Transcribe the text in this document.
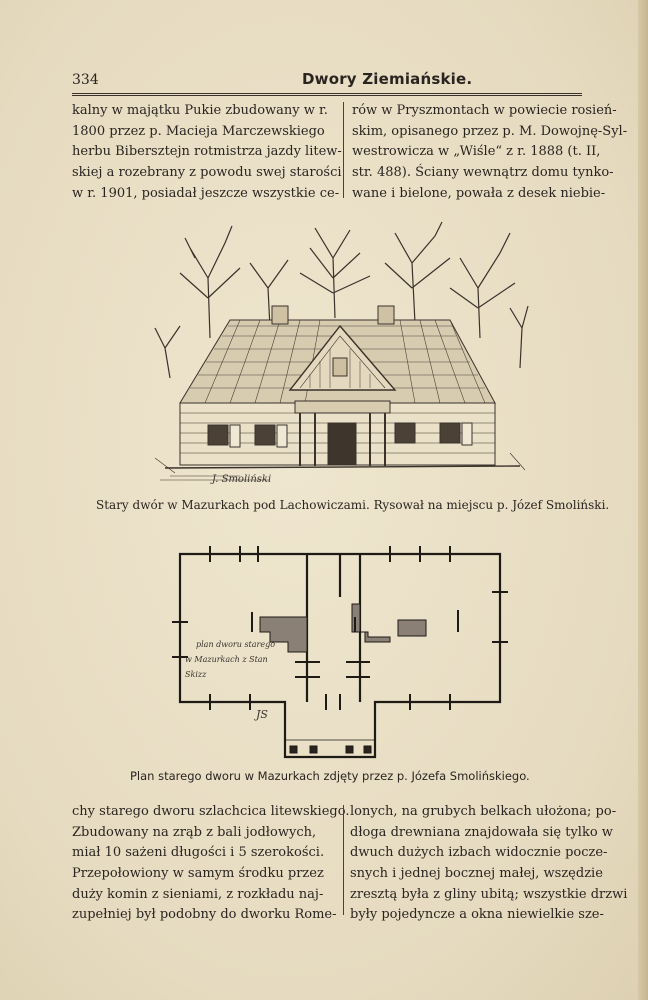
334	Dwory Ziemiańskie.
kalny w majątku Pukie zbudowany w r.
1800 przez p. Macieja Marczewskiego
herbu Bibersztejn rotmistrza jazdy litew-
skiej a rozebrany z powodu swej starości
w r. 1901, posiadał jeszcze wszystkie ce-
rów w Pryszmontach w powiecie rosień-
skim, opisanego przez p. M. Dowojnę-Syl-
westrowicza w „Wiśle“ z r. 1888 (t. II,
str. 488). Ściany wewnątrz domu tynko-
wane i bielone, powała z desek niebie-
J. Smoliński
Stary dwór w Mazurkach pod Lachowiczami. Rysował na miejscu p. Józef Smoliński.
plan dworu starego
w Mazurkach z Stan
Skizz
JS
Plan starego dworu w Mazurkach zdjęty przez p. Józefa Smolińskiego.
chy starego dworu szlachcica litewskiego.
Zbudowany na zrąb z bali jodłowych,
miał 10 sażeni długości i 5 szerokości.
Przepołowiony w samym środku przez
duży komin z sieniami, z rozkładu naj-
zupełniej był podobny do dworku Rome-
lonych, na grubych belkach ułożona; po-
dłoga drewniana znajdowała się tylko w
dwuch dużych izbach widocznie pocze-
snych i jednej bocznej małej, wszędzie
zresztą była z gliny ubitą; wszystkie drzwi
były pojedyncze a okna niewielkie sze-
